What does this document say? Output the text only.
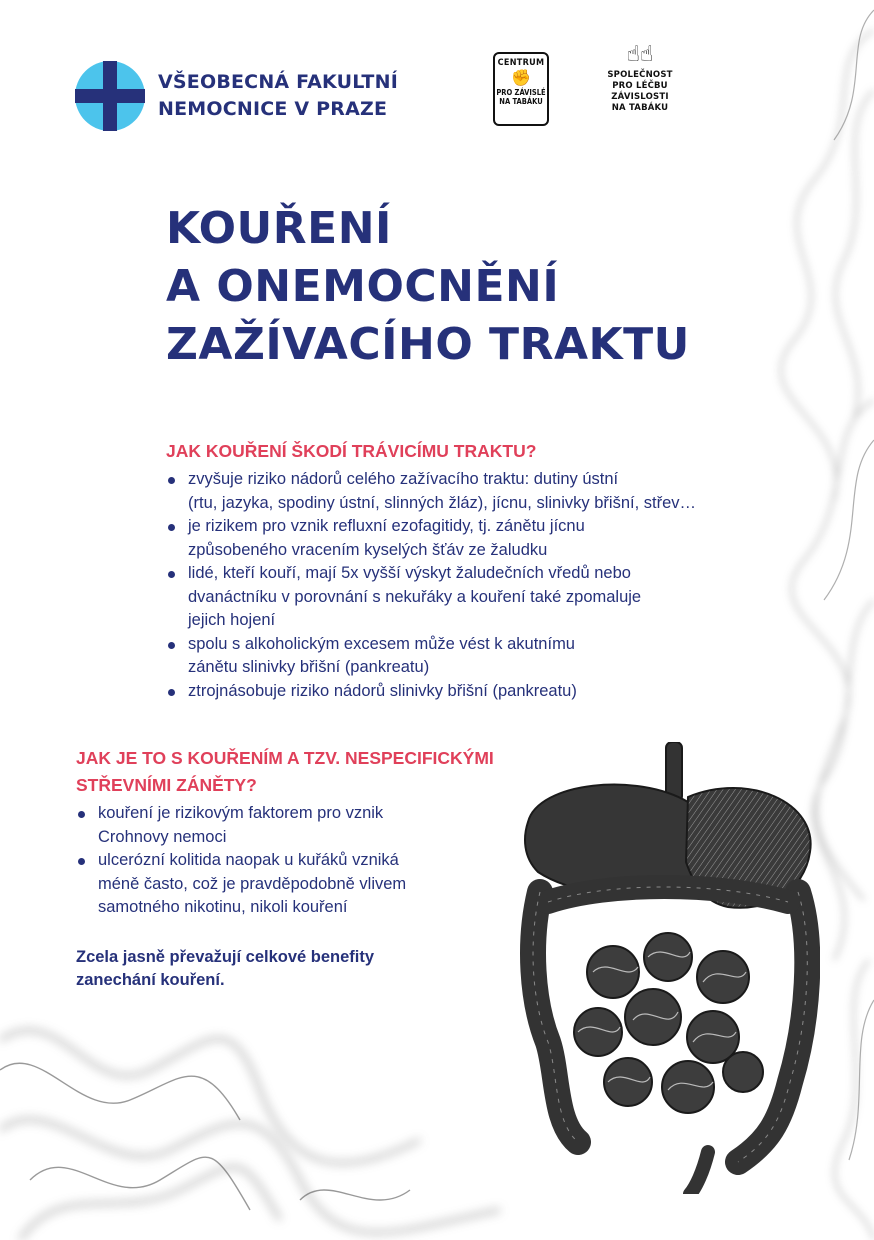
VŠEOBECNÁ FAKULTNÍ
NEMOCNICE V PRAZE
CENTRUM
✊
PRO ZÁVISLÉ
NA TABÁKU
☝☝
SPOLEČNOST
PRO LÉČBU
ZÁVISLOSTI
NA TABÁKU
KOUŘENÍ
A ONEMOCNĚNÍ
ZAŽÍVACÍHO TRAKTU
JAK KOUŘENÍ ŠKODÍ TRÁVICÍMU TRAKTU?
zvyšuje riziko nádorů celého zažívacího traktu: dutiny ústní
(rtu, jazyka, spodiny ústní, slinných žláz), jícnu, slinivky břišní, střev…
je rizikem pro vznik refluxní ezofagitidy, tj. zánětu jícnu
způsobeného vracením kyselých šťáv ze žaludku
lidé, kteří kouří, mají 5x vyšší výskyt žaludečních vředů nebo
dvanáctníku v porovnání s nekuřáky a kouření také zpomaluje
jejich hojení
spolu s alkoholickým excesem může vést k akutnímu
zánětu slinivky břišní (pankreatu)
ztrojnásobuje riziko nádorů slinivky břišní (pankreatu)
JAK JE TO S KOUŘENÍM A TZV. NESPECIFICKÝMI
STŘEVNÍMI ZÁNĚTY?
kouření je rizikovým faktorem pro vznik
Crohnovy nemoci
ulcerózní kolitida naopak u kuřáků vzniká
méně často, což je pravděpodobně vlivem
samotného nikotinu, nikoli kouření
Zcela jasně převažují celkové benefity
zanechání kouření.
